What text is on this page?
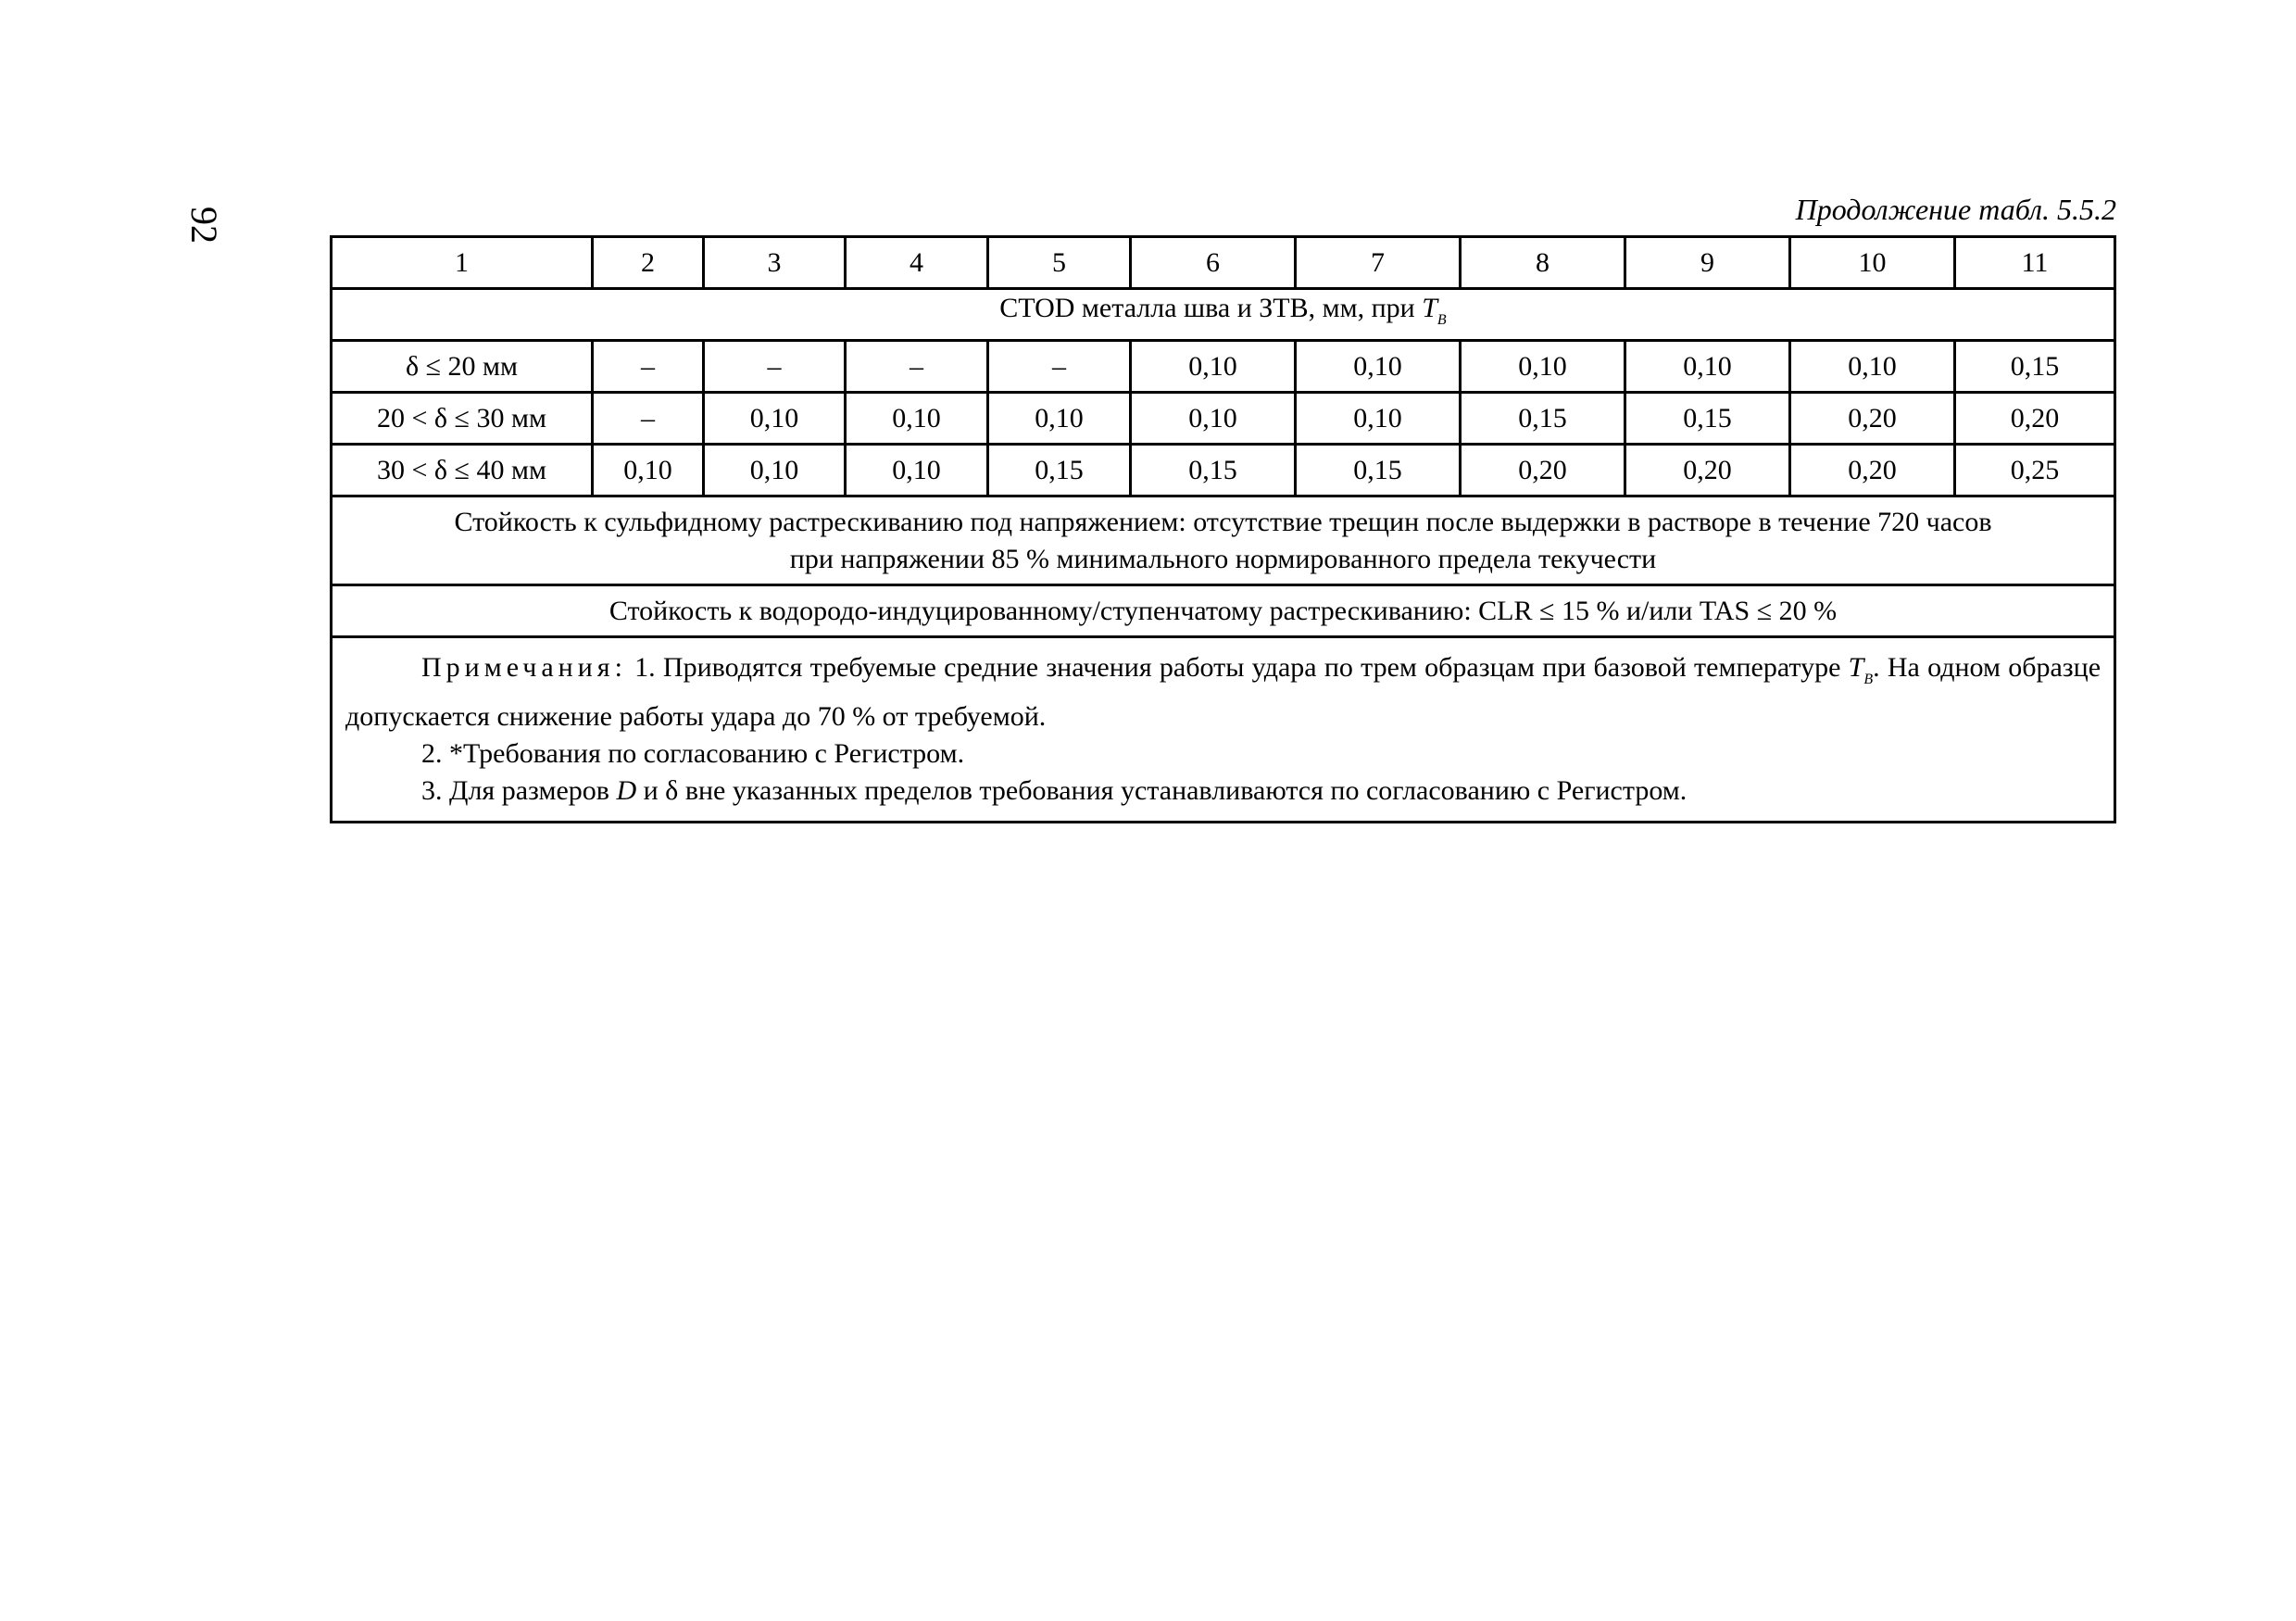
92	Продолжение табл. 5.5.2
1	2	3	4	5	6	7	8	9	10	11
CTOD металла шва и ЗТВ, мм, при $T_B$
δ ≤ 20 мм	–	–	–	–	0,10	0,10	0,10	0,10	0,10	0,15
20 < δ ≤ 30 мм	–	0,10	0,10	0,10	0,10	0,10	0,15	0,15	0,20	0,20
30 < δ ≤ 40 мм	0,10	0,10	0,10	0,15	0,15	0,15	0,20	0,20	0,20	0,25

Стойкость к сульфидному растрескиванию под напряжением: отсутствие трещин после выдержки в растворе в течение 720 часов
при напряжении 85 % минимального нормированного предела текучести										

Стойкость к водородо-индуцированному/ступенчатому растрескиванию: CLR ≤ 15 % и/или TAS ≤ 20 %										

Примечания: 1. Приводятся требуемые средние значения работы удара по трем образцам при базовой температуре $T_B$. На одном образце допускается снижение работы удара до 70 % от требуемой.

2. *Требования по согласованию с Регистром.

3. Для размеров D и δ вне указанных пределов требования устанавливаются по согласованию с Регистром.										
